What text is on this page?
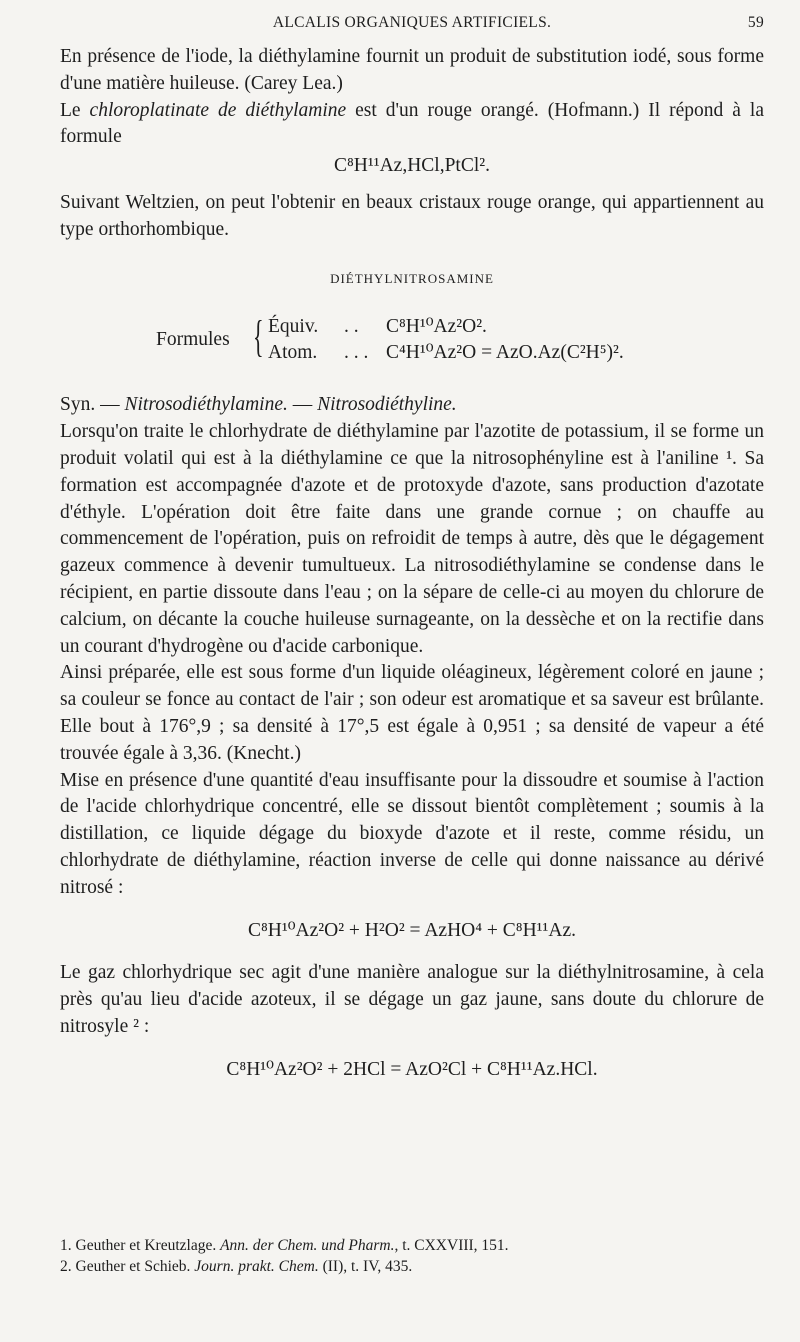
ALCALIS ORGANIQUES ARTIFICIELS.	59

En présence de l'iode, la diéthylamine fournit un produit de substitution iodé, sous forme d'une matière huileuse. (Carey Lea.)

Le chloroplatinate de diéthylamine est d'un rouge orangé. (Hofmann.) Il répond à la formule

C⁸H¹¹Az,HCl,PtCl².

Suivant Weltzien, on peut l'obtenir en beaux cristaux rouge orange, qui appartiennent au type orthorhombique.

DIÉTHYLNITROSAMINE
Formules { Équiv. . . C⁸H¹⁰Az²O².
Atom. . . . C⁴H¹⁰Az²O = AzO.Az(C²H⁵)².

Syn. — Nitrosodiéthylamine. — Nitrosodiéthyline.

Lorsqu'on traite le chlorhydrate de diéthylamine par l'azotite de potassium, il se forme un produit volatil qui est à la diéthylamine ce que la nitrosophényline est à l'aniline ¹. Sa formation est accompagnée d'azote et de protoxyde d'azote, sans production d'azotate d'éthyle. L'opération doit être faite dans une grande cornue ; on chauffe au commencement de l'opération, puis on refroidit de temps à autre, dès que le dégagement gazeux commence à devenir tumultueux. La nitrosodiéthylamine se condense dans le récipient, en partie dissoute dans l'eau ; on la sépare de celle-ci au moyen du chlorure de calcium, on décante la couche huileuse surnageante, on la dessèche et on la rectifie dans un courant d'hydrogène ou d'acide carbonique.

Ainsi préparée, elle est sous forme d'un liquide oléagineux, légèrement coloré en jaune ; sa couleur se fonce au contact de l'air ; son odeur est aromatique et sa saveur est brûlante. Elle bout à 176°,9 ; sa densité à 17°,5 est égale à 0,951 ; sa densité de vapeur a été trouvée égale à 3,36. (Knecht.)

Mise en présence d'une quantité d'eau insuffisante pour la dissoudre et soumise à l'action de l'acide chlorhydrique concentré, elle se dissout bientôt complètement ; soumis à la distillation, ce liquide dégage du bioxyde d'azote et il reste, comme résidu, un chlorhydrate de diéthylamine, réaction inverse de celle qui donne naissance au dérivé nitrosé :

C⁸H¹⁰Az²O² + H²O² = AzHO⁴ + C⁸H¹¹Az.

Le gaz chlorhydrique sec agit d'une manière analogue sur la diéthylnitrosamine, à cela près qu'au lieu d'acide azoteux, il se dégage un gaz jaune, sans doute du chlorure de nitrosyle ² :

C⁸H¹⁰Az²O² + 2HCl = AzO²Cl + C⁸H¹¹Az.HCl.

1. Geuther et Kreutzlage. Ann. der Chem. und Pharm., t. CXXVIII, 151.
2. Geuther et Schieb. Journ. prakt. Chem. (II), t. IV, 435.
